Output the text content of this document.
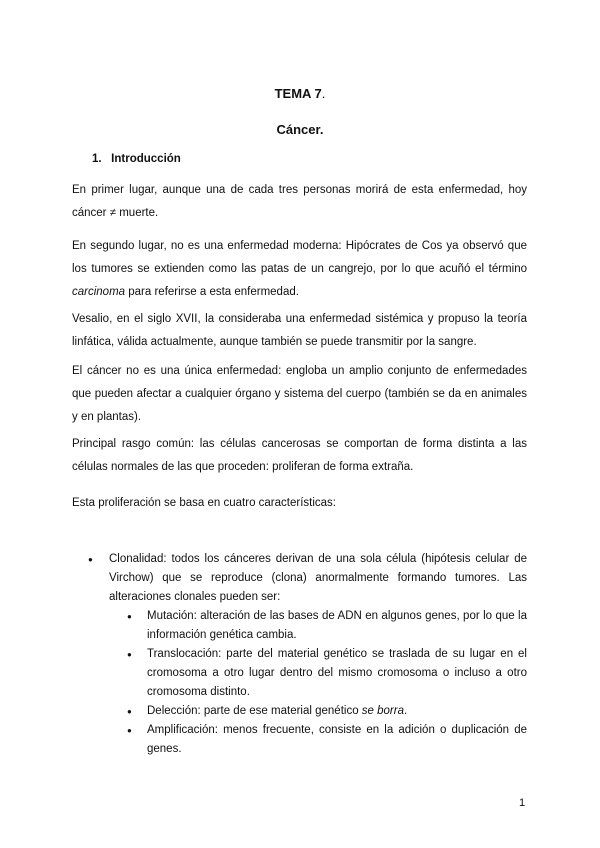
TEMA 7.
Cáncer.
1.   Introducción

En primer lugar, aunque una de cada tres personas morirá de esta enfermedad, hoy cáncer ≠ muerte.

En segundo lugar, no es una enfermedad moderna: Hipócrates de Cos ya observó que los tumores se extienden como las patas de un cangrejo, por lo que acuñó el término carcinoma para referirse a esta enfermedad.

Vesalio, en el siglo XVII, la consideraba una enfermedad sistémica y propuso la teoría linfática, válida actualmente, aunque también se puede transmitir por la sangre.

El cáncer no es una única enfermedad: engloba un amplio conjunto de enfermedades que pueden afectar a cualquier órgano y sistema del cuerpo (también se da en animales y en plantas).

Principal rasgo común: las células cancerosas se comportan de forma distinta a las células normales de las que proceden: proliferan de forma extraña.

Esta proliferación se basa en cuatro características:

● Clonalidad: todos los cánceres derivan de una sola célula (hipótesis celular de Virchow) que se reproduce (clona) anormalmente formando tumores. Las alteraciones clonales pueden ser:
● Mutación: alteración de las bases de ADN en algunos genes, por lo que la información genética cambia.
● Translocación: parte del material genético se traslada de su lugar en el cromosoma a otro lugar dentro del mismo cromosoma o incluso a otro cromosoma distinto.
● Delección: parte de ese material genético se borra.
● Amplificación: menos frecuente, consiste en la adición o duplicación de genes.
1
